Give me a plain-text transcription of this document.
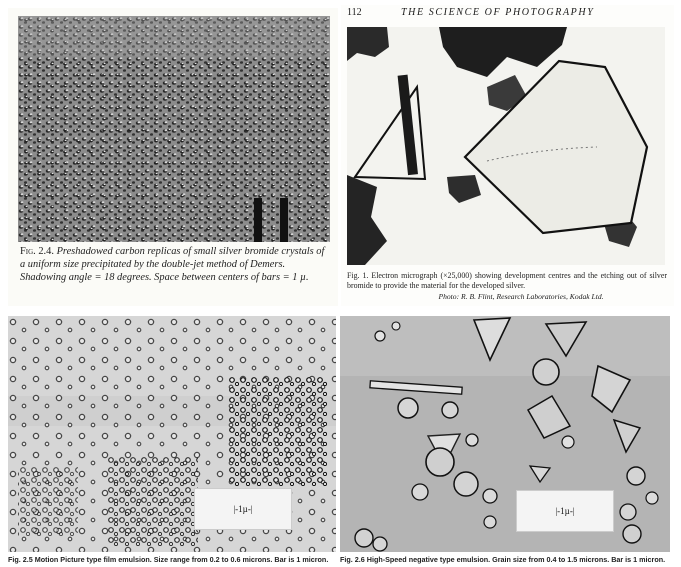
Fig. 2.4. Preshadowed carbon replicas of small silver bromide crystals of a uniform size precipitated by the double-jet method of Demers. Shadowing angle = 18 degrees. Space between centers of bars = 1 µ.
112	THE SCIENCE OF PHOTOGRAPHY
Fig. 1. Electron micrograph (×25,000) showing development centres and the etching out of silver bromide to provide the material for the developed silver.
Photo: R. B. Flint, Research Laboratories, Kodak Ltd.
|-1µ-|
Fig. 2.5 Motion Picture type film emulsion. Size range from 0.2 to 0.6 microns. Bar is 1 micron.
|-1µ-|
Fig. 2.6 High-Speed negative type emulsion. Grain size from 0.4 to 1.5 microns. Bar is 1 micron.
